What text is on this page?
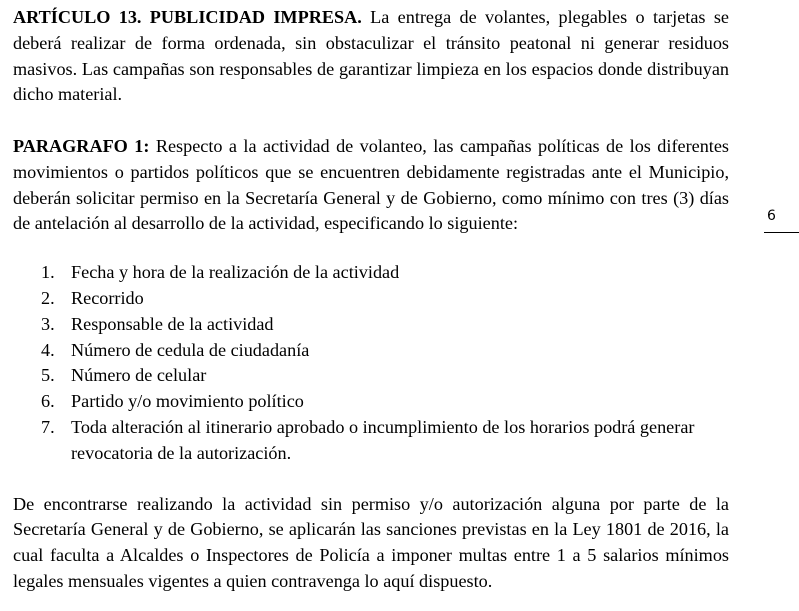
ARTÍCULO 13. PUBLICIDAD IMPRESA. La entrega de volantes, plegables o tarjetas se deberá realizar de forma ordenada, sin obstaculizar el tránsito peatonal ni generar residuos masivos. Las campañas son responsables de garantizar limpieza en los espacios donde distribuyan dicho material.

PARAGRAFO 1: Respecto a la actividad de volanteo, las campañas políticas de los diferentes movimientos o partidos políticos que se encuentren debidamente registradas ante el Municipio, deberán solicitar permiso en la Secretaría General y de Gobierno, como mínimo con tres (3) días de antelación al desarrollo de la actividad, especificando lo siguiente:

1. Fecha y hora de la realización de la actividad
2. Recorrido
3. Responsable de la actividad
4. Número de cedula de ciudadanía
5. Número de celular
6. Partido y/o movimiento político
7. Toda alteración al itinerario aprobado o incumplimiento de los horarios podrá generar revocatoria de la autorización.

De encontrarse realizando la actividad sin permiso y/o autorización alguna por parte de la Secretaría General y de Gobierno, se aplicarán las sanciones previstas en la Ley 1801 de 2016, la cual faculta a Alcaldes o Inspectores de Policía a imponer multas entre 1 a 5 salarios mínimos legales mensuales vigentes a quien contravenga lo aquí dispuesto.

6
